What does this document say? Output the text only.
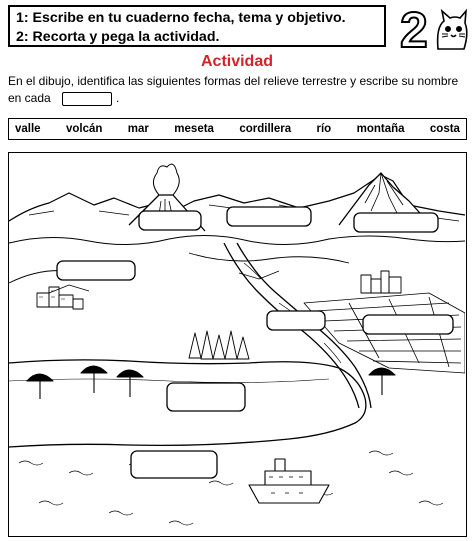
1: Escribe en tu cuaderno fecha, tema y objetivo.
2: Recorta y pega la actividad.	2
Actividad
En el dibujo, identifica las siguientes formas del relieve terrestre y escribe su nombre en cada	.
valle volcán mar meseta cordillera río montaña costa
